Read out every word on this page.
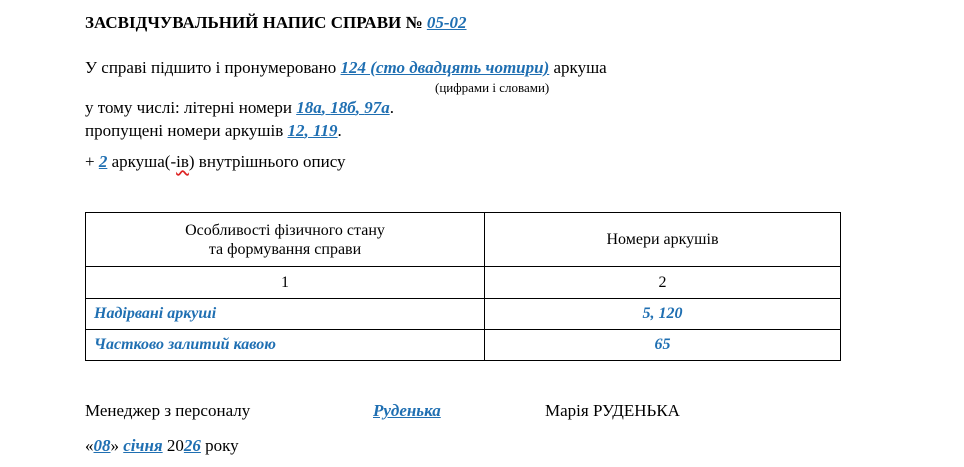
ЗАСВІДЧУВАЛЬНИЙ НАПИС СПРАВИ № 05-02
У справі підшито і пронумеровано 124 (сто двадцять чотири) аркуша
(цифрами і словами)
у тому числі: літерні номери 18а, 18б, 97а.
пропущені номери аркушів 12, 119.
+ 2 аркуша(-ів) внутрішнього опису
Особливості фізичного стану
та формування справи	Номери аркушів
1	2
Надірвані аркуші	5, 120
Частково залитий кавою	65
Менеджер з персоналу	Руденька	Марія РУДЕНЬКА
«08» січня 2026 року
